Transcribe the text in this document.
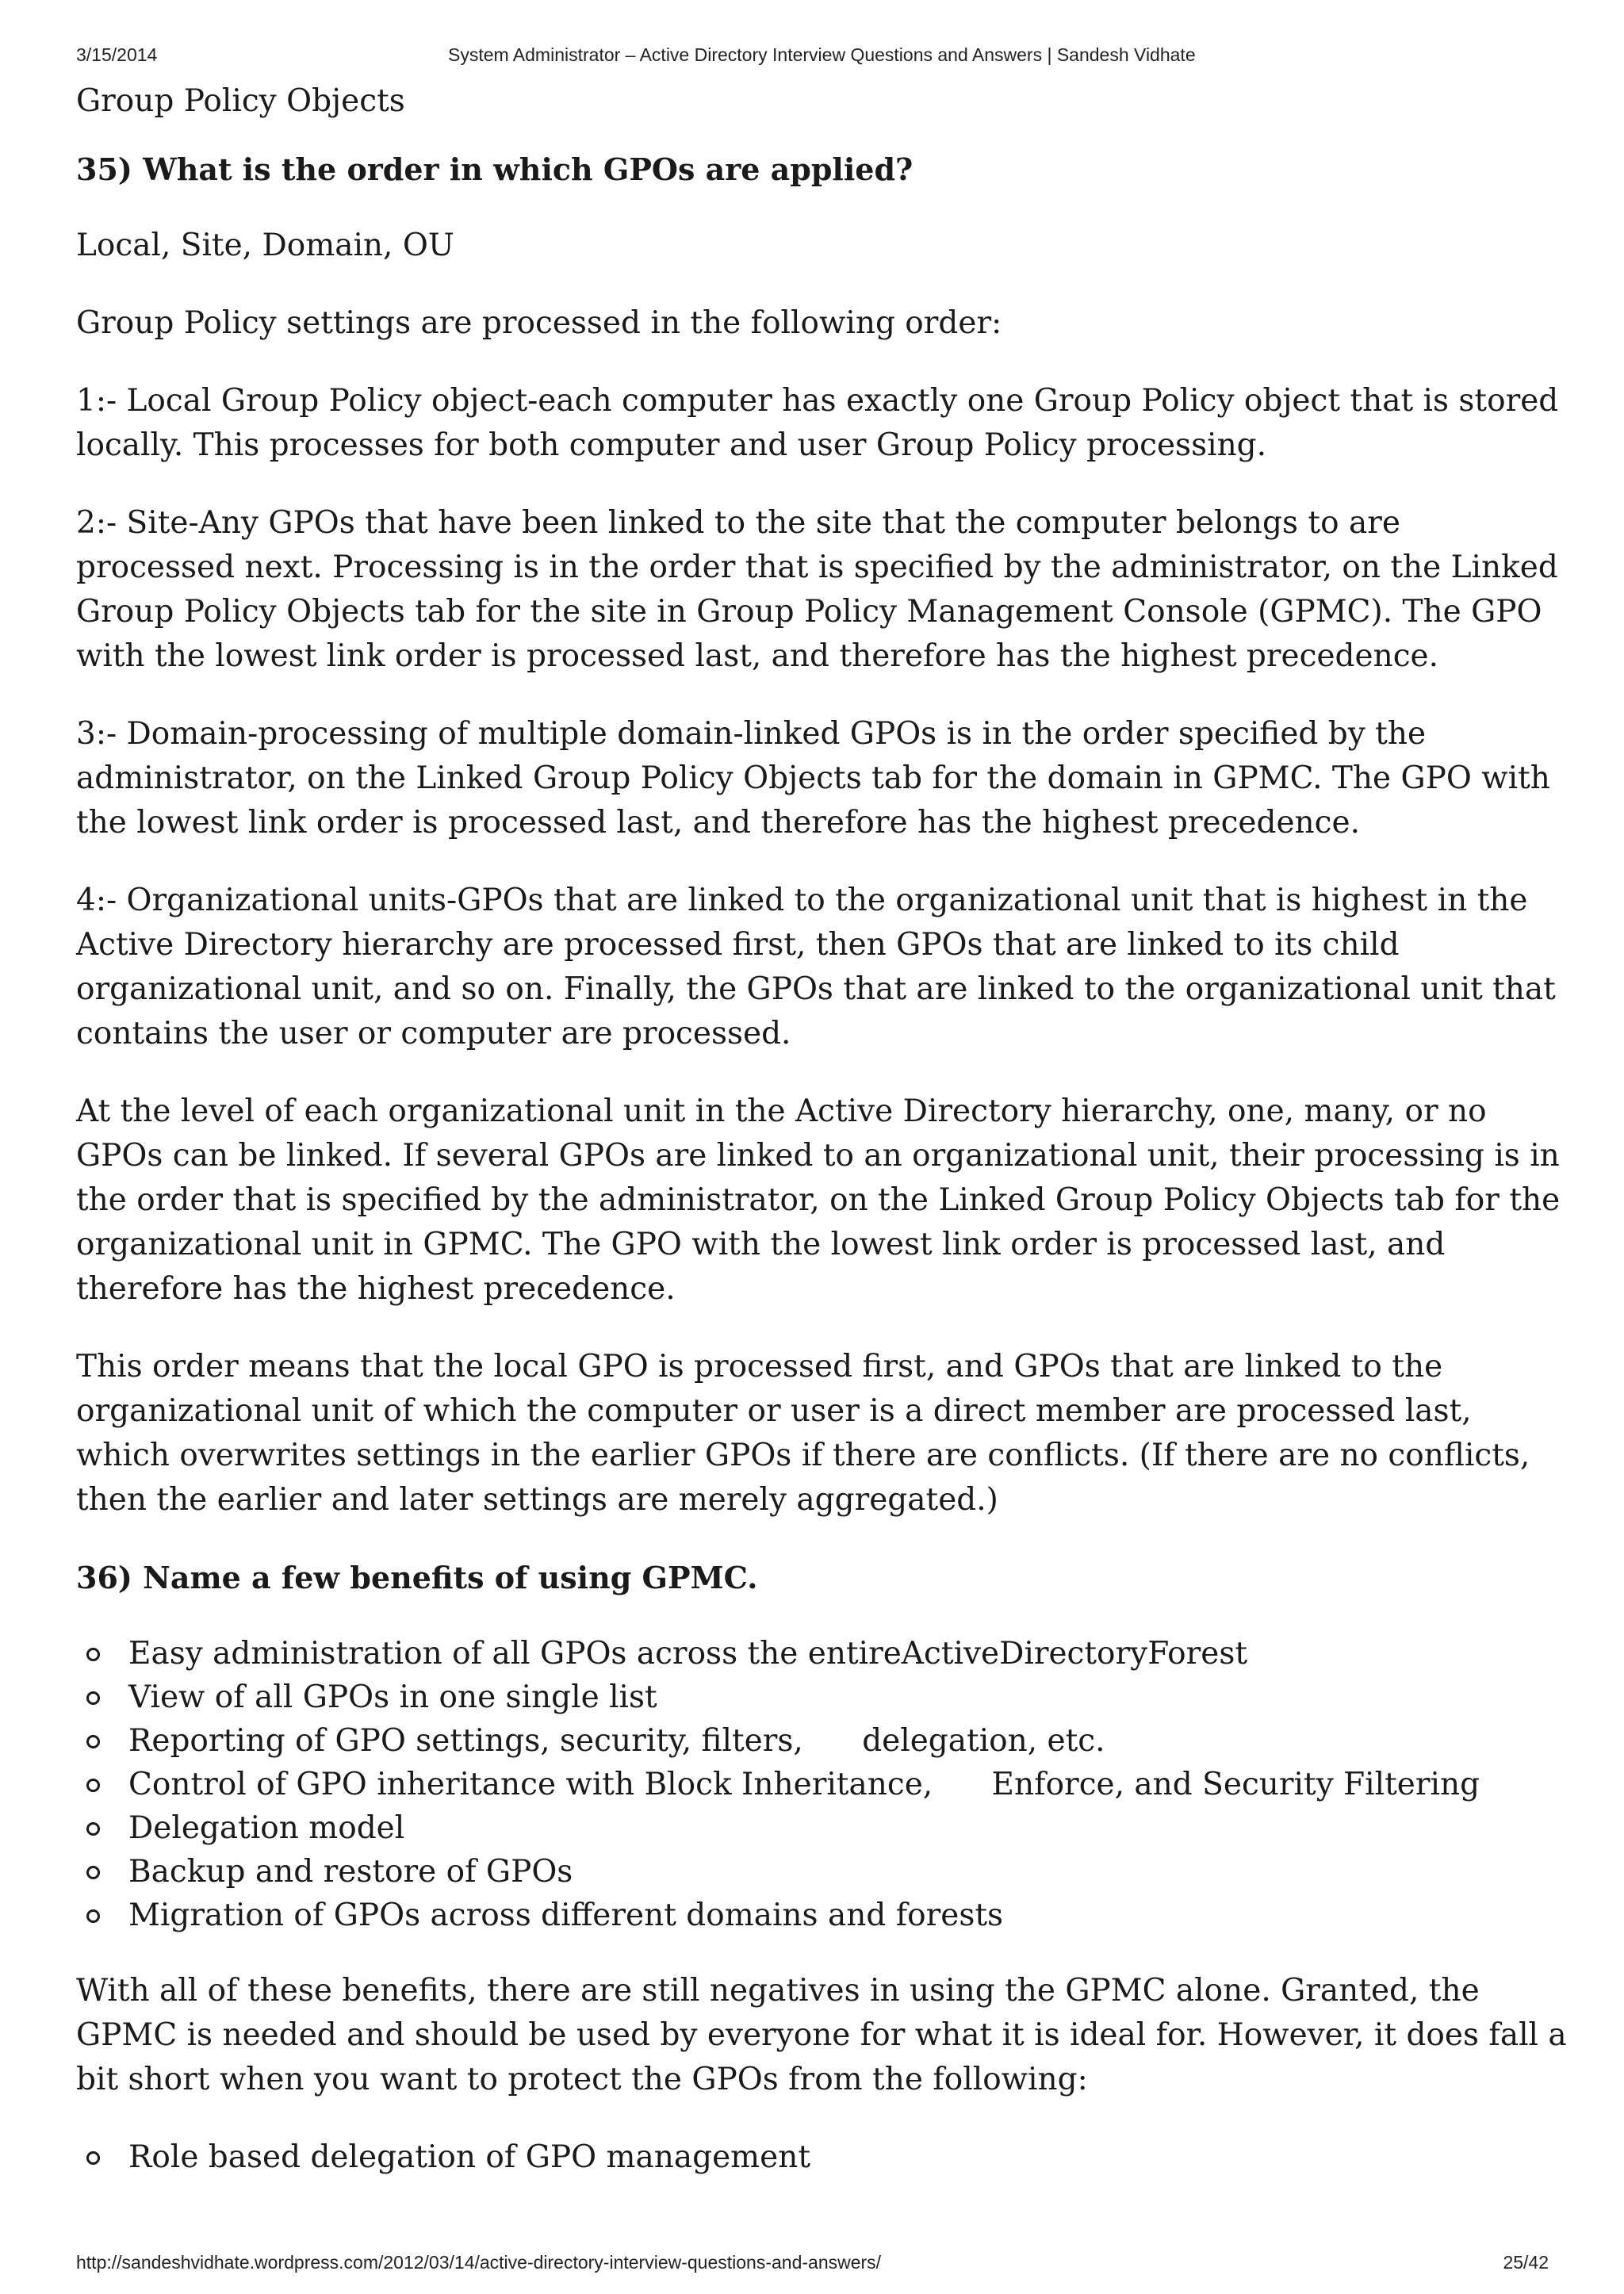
3/15/2014	System Administrator – Active Directory Interview Questions and Answers | Sandesh Vidhate

Group Policy Objects

35) What is the order in which GPOs are applied?

Local, Site, Domain, OU

Group Policy settings are processed in the following order:

1:- Local Group Policy object-each computer has exactly one Group Policy object that is stored locally. This processes for both computer and user Group Policy processing.

2:- Site-Any GPOs that have been linked to the site that the computer belongs to are processed next. Processing is in the order that is specified by the administrator, on the Linked Group Policy Objects tab for the site in Group Policy Management Console (GPMC). The GPO with the lowest link order is processed last, and therefore has the highest precedence.

3:- Domain-processing of multiple domain-linked GPOs is in the order specified by the administrator, on the Linked Group Policy Objects tab for the domain in GPMC. The GPO with the lowest link order is processed last, and therefore has the highest precedence.

4:- Organizational units-GPOs that are linked to the organizational unit that is highest in the Active Directory hierarchy are processed first, then GPOs that are linked to its child organizational unit, and so on. Finally, the GPOs that are linked to the organizational unit that contains the user or computer are processed.

At the level of each organizational unit in the Active Directory hierarchy, one, many, or no GPOs can be linked. If several GPOs are linked to an organizational unit, their processing is in the order that is specified by the administrator, on the Linked Group Policy Objects tab for the organizational unit in GPMC. The GPO with the lowest link order is processed last, and therefore has the highest precedence.

This order means that the local GPO is processed first, and GPOs that are linked to the organizational unit of which the computer or user is a direct member are processed last, which overwrites settings in the earlier GPOs if there are conflicts. (If there are no conflicts, then the earlier and later settings are merely aggregated.)

36) Name a few benefits of using GPMC.
Easy administration of all GPOs across the entireActiveDirectoryForest
View of all GPOs in one single list
Reporting of GPO settings, security, filters,      delegation, etc.
Control of GPO inheritance with Block Inheritance,      Enforce, and Security Filtering
Delegation model
Backup and restore of GPOs
Migration of GPOs across different domains and forests

With all of these benefits, there are still negatives in using the GPMC alone. Granted, the GPMC is needed and should be used by everyone for what it is ideal for. However, it does fall a bit short when you want to protect the GPOs from the following:

Role based delegation of GPO management
http://sandeshvidhate.wordpress.com/2012/03/14/active-directory-interview-questions-and-answers/	25/42
